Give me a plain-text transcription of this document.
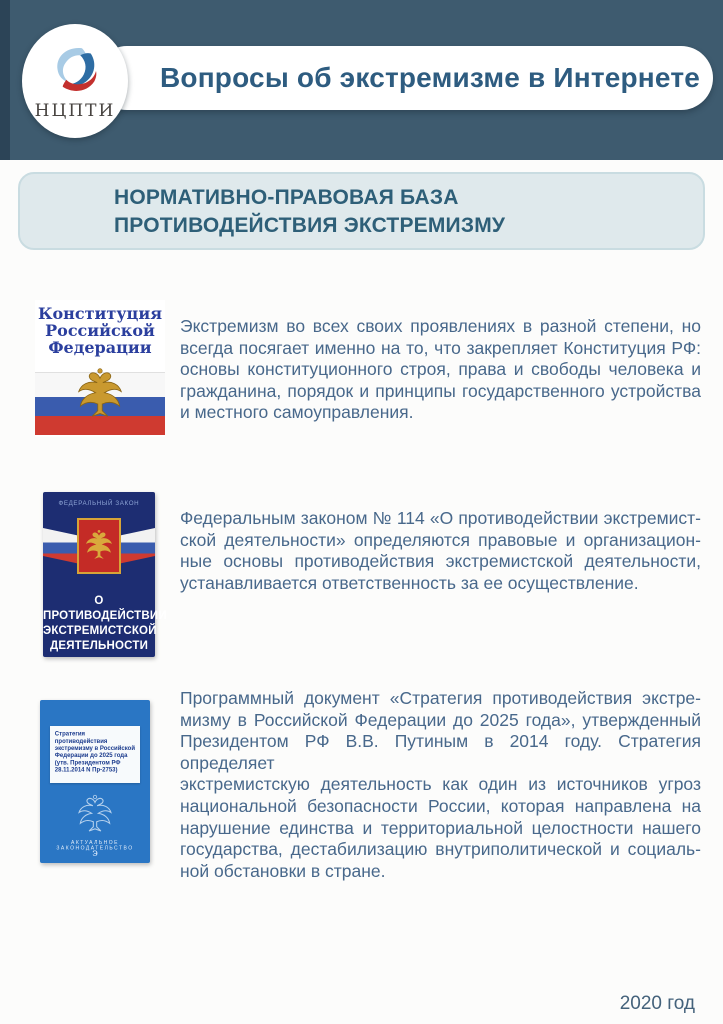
Вопросы об экстремизме в Интернете
НЦПТИ
НОРМАТИВНО-ПРАВОВАЯ БАЗА
ПРОТИВОДЕЙСТВИЯ ЭКСТРЕМИЗМУ
Конституция
Российской
Федерации
Экстремизм во всех своих проявлениях в разной степени, но
всегда посягает именно на то, что закрепляет Конституция РФ:
основы конституционного строя, права и свободы человека и
гражданина, порядок и принципы государственного устройства
и местного самоуправления.
ФЕДЕРАЛЬНЫЙ ЗАКОН
О ПРОТИВОДЕЙСТВИИ
ЭКСТРЕМИСТСКОЙ
ДЕЯТЕЛЬНОСТИ
Федеральным законом № 114 «О противодействии экстремист-
ской деятельности» определяются правовые и организацион-
ные основы противодействия экстремистской деятельности,
устанавливается ответственность за ее осуществление.
Стратегия противодействия экстремизму в Российской Федерации до 2025 года (утв. Президентом РФ 28.11.2014 N Пр-2753)
АКТУАЛЬНОЕ ЗАКОНОДАТЕЛЬСТВО
э
Программный документ «Стратегия противодействия экстре-
мизму в Российской Федерации до 2025 года», утвержденный
Президентом РФ В.В. Путиным в 2014 году. Стратегия определяет
экстремистскую деятельность как один из источников угроз
национальной безопасности России, которая направлена на
нарушение единства и территориальной целостности нашего
государства, дестабилизацию внутриполитической и социаль-
ной обстановки в стране.
2020 год
